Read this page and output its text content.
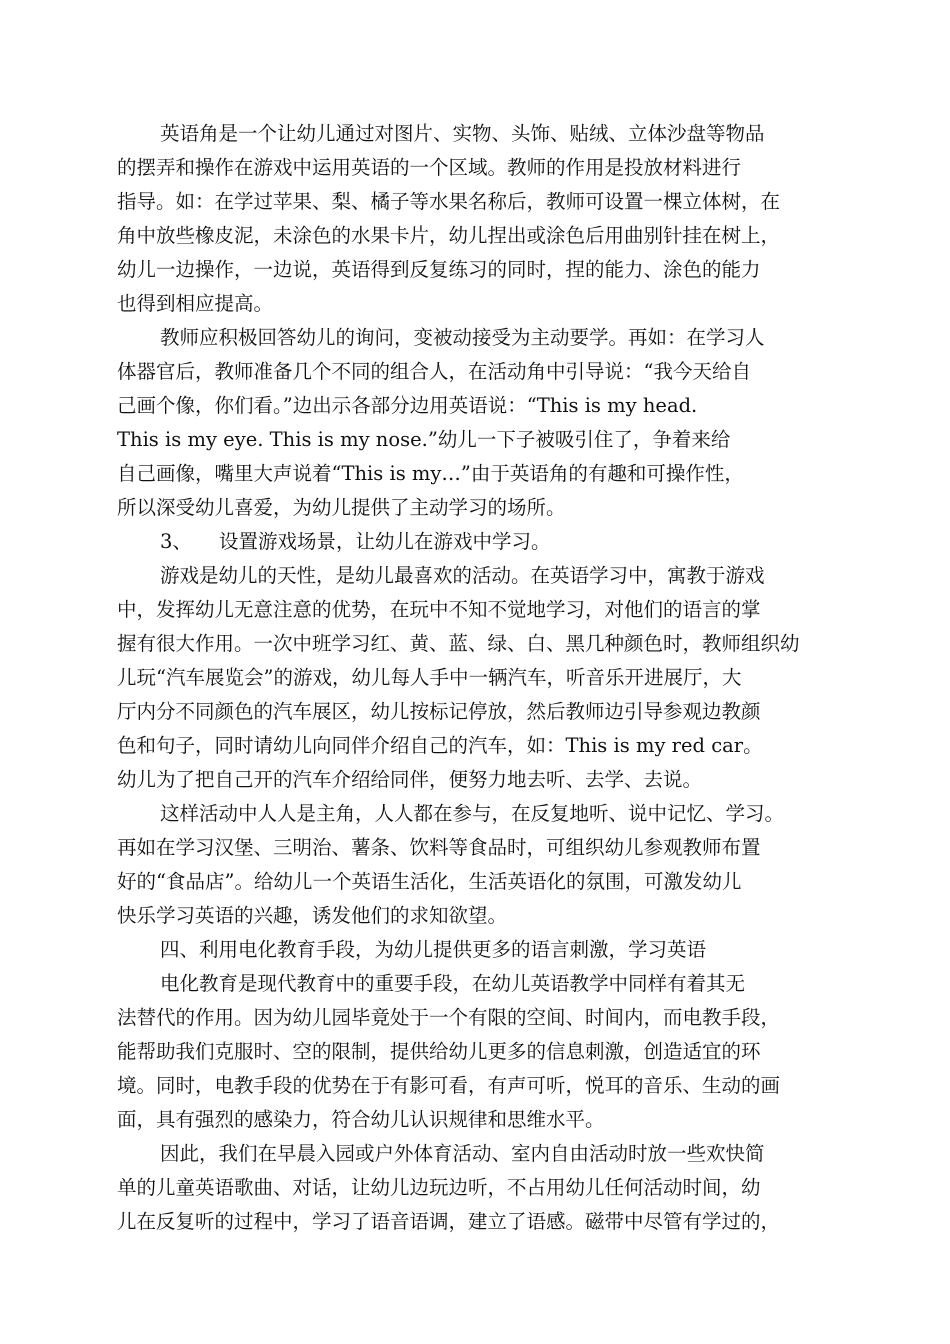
英语角是一个让幼儿通过对图片、实物、头饰、贴绒、立体沙盘等物品
的摆弄和操作在游戏中运用英语的一个区域。教师的作用是投放材料进行
指导。如：在学过苹果、梨、橘子等水果名称后，教师可设置一棵立体树，在
角中放些橡皮泥，未涂色的水果卡片，幼儿捏出或涂色后用曲别针挂在树上，
幼儿一边操作，一边说，英语得到反复练习的同时，捏的能力、涂色的能力
也得到相应提高。
教师应积极回答幼儿的询问，变被动接受为主动要学。再如：在学习人
体器官后，教师准备几个不同的组合人，在活动角中引导说：“我今天给自
己画个像，你们看。”边出示各部分边用英语说：“This is my head.
This is my eye. This is my nose.”幼儿一下子被吸引住了，争着来给
自己画像，嘴里大声说着“This is my…”由于英语角的有趣和可操作性，
所以深受幼儿喜爱，为幼儿提供了主动学习的场所。
3、	设置游戏场景，让幼儿在游戏中学习。
游戏是幼儿的天性，是幼儿最喜欢的活动。在英语学习中，寓教于游戏
中，发挥幼儿无意注意的优势，在玩中不知不觉地学习，对他们的语言的掌
握有很大作用。一次中班学习红、黄、蓝、绿、白、黑几种颜色时，教师组织幼
儿玩“汽车展览会”的游戏，幼儿每人手中一辆汽车，听音乐开进展厅，大
厅内分不同颜色的汽车展区，幼儿按标记停放，然后教师边引导参观边教颜
色和句子，同时请幼儿向同伴介绍自己的汽车，如：This is my red car。
幼儿为了把自己开的汽车介绍给同伴，便努力地去听、去学、去说。
这样活动中人人是主角，人人都在参与，在反复地听、说中记忆、学习。
再如在学习汉堡、三明治、薯条、饮料等食品时，可组织幼儿参观教师布置
好的“食品店”。给幼儿一个英语生活化，生活英语化的氛围，可激发幼儿
快乐学习英语的兴趣，诱发他们的求知欲望。
四、利用电化教育手段，为幼儿提供更多的语言刺激，学习英语
电化教育是现代教育中的重要手段，在幼儿英语教学中同样有着其无
法替代的作用。因为幼儿园毕竟处于一个有限的空间、时间内，而电教手段，
能帮助我们克服时、空的限制，提供给幼儿更多的信息刺激，创造适宜的环
境。同时，电教手段的优势在于有影可看，有声可听，悦耳的音乐、生动的画
面，具有强烈的感染力，符合幼儿认识规律和思维水平。
因此，我们在早晨入园或户外体育活动、室内自由活动时放一些欢快简
单的儿童英语歌曲、对话，让幼儿边玩边听，不占用幼儿任何活动时间，幼
儿在反复听的过程中，学习了语音语调，建立了语感。磁带中尽管有学过的，
